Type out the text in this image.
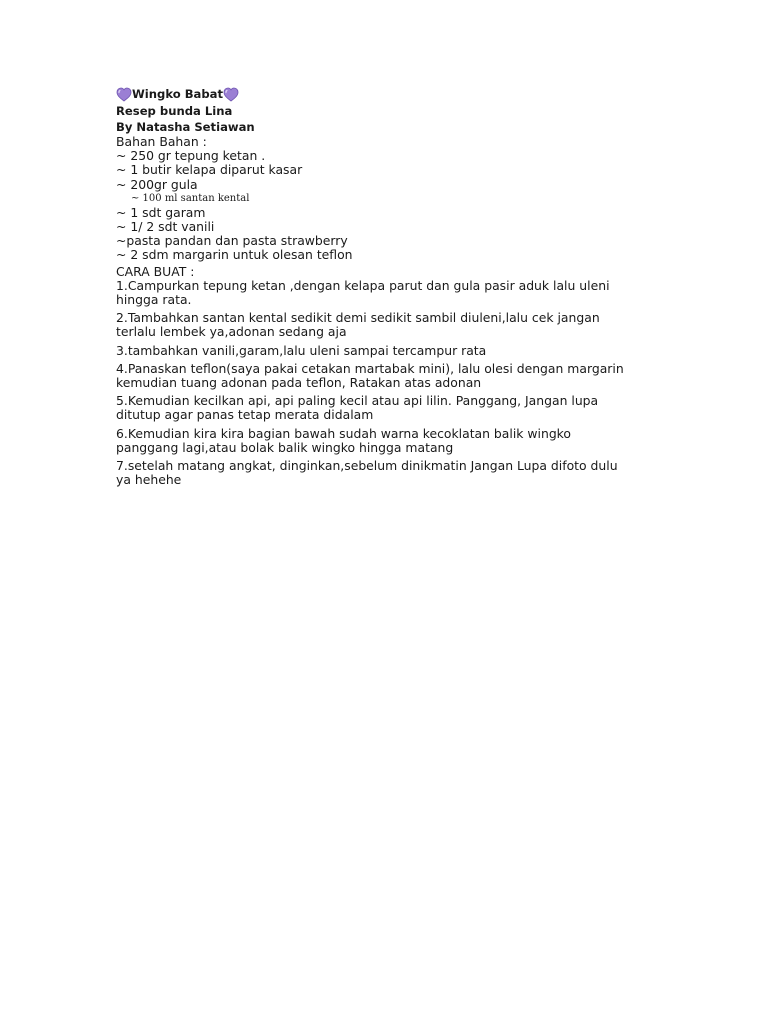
Wingko Babat
Resep bunda Lina
By Natasha Setiawan
Bahan Bahan :
~ 250 gr tepung ketan .
~ 1 butir kelapa diparut kasar
~ 200gr gula
~ 100 ml santan kental
~ 1 sdt garam
~ 1/ 2 sdt vanili
~pasta pandan dan pasta strawberry
~ 2 sdm margarin untuk olesan teflon
CARA BUAT :
1.Campurkan tepung ketan ,dengan kelapa parut dan gula pasir aduk lalu uleni
hingga rata.
2.Tambahkan santan kental sedikit demi sedikit sambil diuleni,lalu cek jangan
terlalu lembek ya,adonan sedang aja
3.tambahkan vanili,garam,lalu uleni sampai tercampur rata
4.Panaskan teflon(saya pakai cetakan martabak mini), lalu olesi dengan margarin
kemudian tuang adonan pada teflon, Ratakan atas adonan
5.Kemudian kecilkan api, api paling kecil atau api lilin. Panggang, Jangan lupa
ditutup agar panas tetap merata didalam
6.Kemudian kira kira bagian bawah sudah warna kecoklatan balik wingko
panggang lagi,atau bolak balik wingko hingga matang
7.setelah matang angkat, dinginkan,sebelum dinikmatin Jangan Lupa difoto dulu
ya hehehe
